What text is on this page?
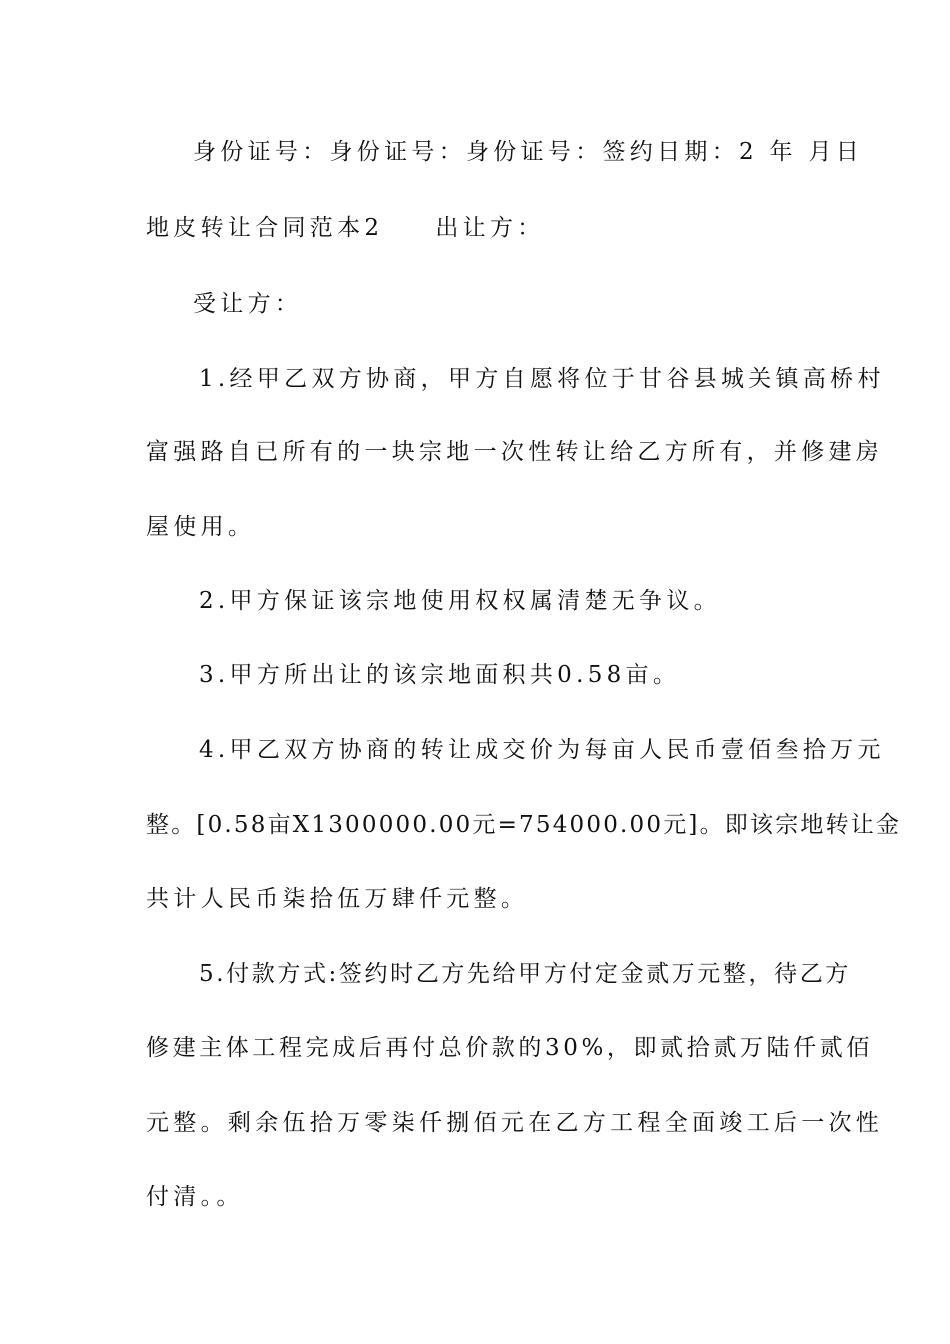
身份证号：身份证号：身份证号：签约日期：2 年 月日
地皮转让合同范本2 出让方：
受让方：
1.经甲乙双方协商，甲方自愿将位于甘谷县城关镇高桥村
富强路自已所有的一块宗地一次性转让给乙方所有，并修建房
屋使用。
2.甲方保证该宗地使用权权属清楚无争议。
3.甲方所出让的该宗地面积共0.58亩。
4.甲乙双方协商的转让成交价为每亩人民币壹佰叁拾万元
整。[0.58亩X1300000.00元=754000.00元]。即该宗地转让金
共计人民币柒拾伍万肆仟元整。
5.付款方式:签约时乙方先给甲方付定金贰万元整，待乙方
修建主体工程完成后再付总价款的30%，即贰拾贰万陆仟贰佰
元整。剩余伍拾万零柒仟捌佰元在乙方工程全面竣工后一次性
付清。。
